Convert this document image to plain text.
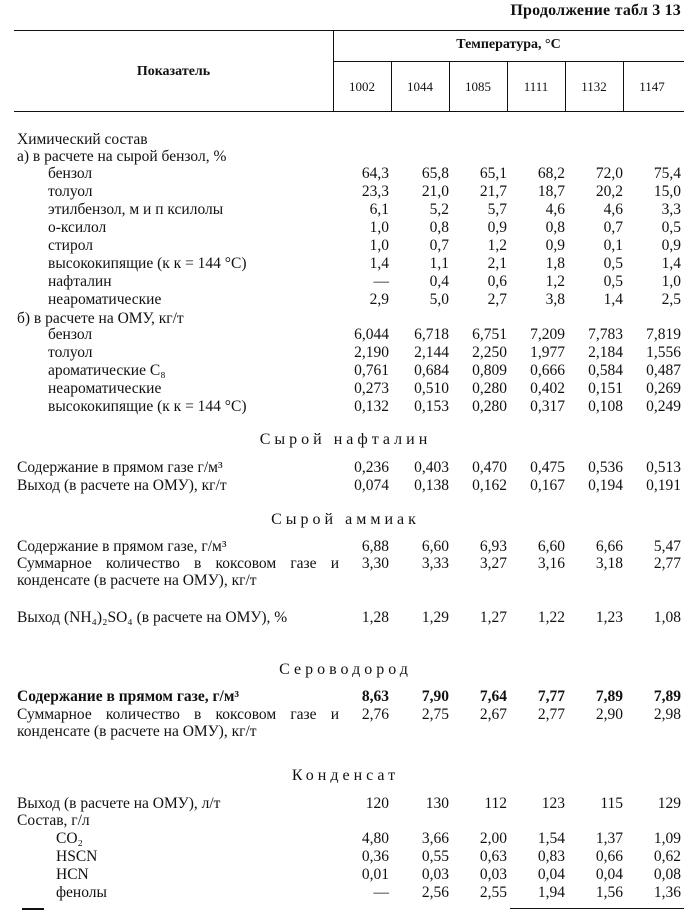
Продолжение табл 3 13
Показатель
Температура, °С
1002	1044	1085	1111	1132	1147
Химический состав
а) в расчете на сырой бензол, %
бензол	64,3	65,8	65,1	68,2	72,0	75,4
толуол	23,3	21,0	21,7	18,7	20,2	15,0
этилбензол, м и п ксилолы	6,1	5,2	5,7	4,6	4,6	3,3
о-ксилол	1,0	0,8	0,9	0,8	0,7	0,5
стирол	1,0	0,7	1,2	0,9	0,1	0,9
высококипящие (к к = 144 °С)	1,4	1,1	2,1	1,8	0,5	1,4
нафталин	—	0,4	0,6	1,2	0,5	1,0
неароматические	2,9	5,0	2,7	3,8	1,4	2,5
б) в расчете на ОМУ, кг/т
бензол	6,044	6,718	6,751	7,209	7,783	7,819
толуол	2,190	2,144	2,250	1,977	2,184	1,556
ароматические С₈	0,761	0,684	0,809	0,666	0,584	0,487
неароматические	0,273	0,510	0,280	0,402	0,151	0,269
высококипящие (к к = 144 °С)	0,132	0,153	0,280	0,317	0,108	0,249
Сырой нафталин
Содержание в прямом газе г/м³	0,236	0,403	0,470	0,475	0,536	0,513
Выход (в расчете на ОМУ), кг/т	0,074	0,138	0,162	0,167	0,194	0,191
Сырой аммиак
Содержание в прямом газе, г/м³	6,88	6,60	6,93	6,60	6,66	5,47
Суммарное количество в коксовом газе и конденсате (в расчете на ОМУ), кг/т
3,30	3,33	3,27	3,16	3,18	2,77
Выход (NH₄)₂SO₄ (в расчете на ОМУ), %	1,28	1,29	1,27	1,22	1,23	1,08
Сероводород
Содержание в прямом газе, г/м³	8,63	7,90	7,64	7,77	7,89	7,89
Суммарное количество в коксовом газе и конденсате (в расчете на ОМУ), кг/т
2,76	2,75	2,67	2,77	2,90	2,98
Конденсат
Выход (в расчете на ОМУ), л/т	120	130	112	123	115	129
Состав, г/л
CO₂	4,80	3,66	2,00	1,54	1,37	1,09
HSCN	0,36	0,55	0,63	0,83	0,66	0,62
HCN	0,01	0,03	0,03	0,04	0,04	0,08
фенолы	—	2,56	2,55	1,94	1,56	1,36
